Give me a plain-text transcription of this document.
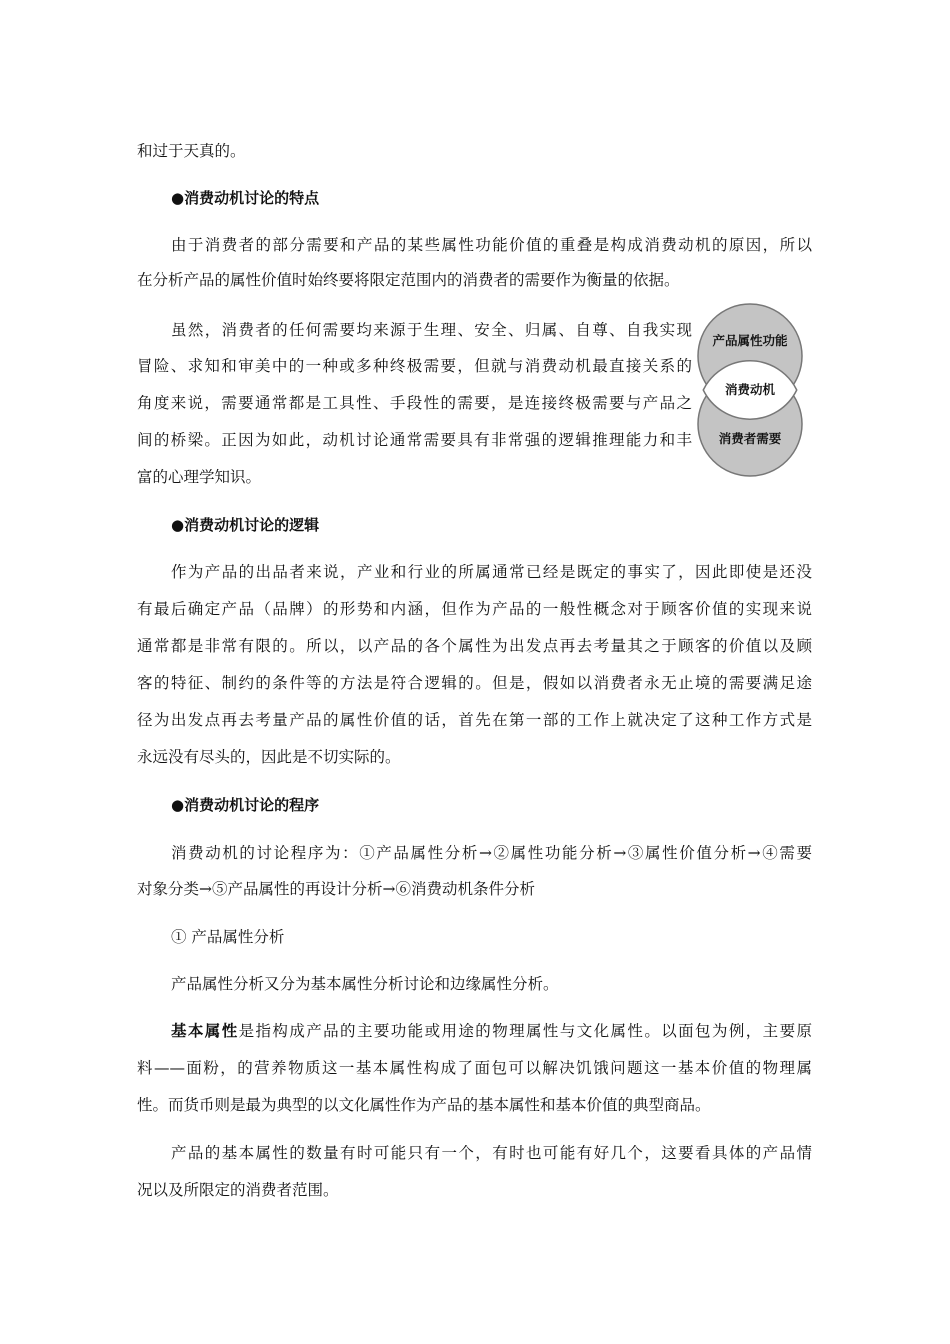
和过于天真的。
●消费动机讨论的特点
由于消费者的部分需要和产品的某些属性功能价值的重叠是构成消费动机的原因，所以
在分析产品的属性价值时始终要将限定范围内的消费者的需要作为衡量的依据。
虽然，消费者的任何需要均来源于生理、安全、归属、自尊、自我实现
冒险、求知和审美中的一种或多种终极需要，但就与消费动机最直接关系的
角度来说，需要通常都是工具性、手段性的需要，是连接终极需要与产品之
间的桥梁。正因为如此，动机讨论通常需要具有非常强的逻辑推理能力和丰
富的心理学知识。
产品属性功能
消费动机
消费者需要
●消费动机讨论的逻辑
作为产品的出品者来说，产业和行业的所属通常已经是既定的事实了，因此即使是还没
有最后确定产品（品牌）的形势和内涵，但作为产品的一般性概念对于顾客价值的实现来说
通常都是非常有限的。所以，以产品的各个属性为出发点再去考量其之于顾客的价值以及顾
客的特征、制约的条件等的方法是符合逻辑的。但是，假如以消费者永无止境的需要满足途
径为出发点再去考量产品的属性价值的话，首先在第一部的工作上就决定了这种工作方式是
永远没有尽头的，因此是不切实际的。
●消费动机讨论的程序
消费动机的讨论程序为：①产品属性分析→②属性功能分析→③属性价值分析→④需要
对象分类→⑤产品属性的再设计分析→⑥消费动机条件分析
① 产品属性分析
产品属性分析又分为基本属性分析讨论和边缘属性分析。
基本属性是指构成产品的主要功能或用途的物理属性与文化属性。以面包为例，主要原
料——面粉，的营养物质这一基本属性构成了面包可以解决饥饿问题这一基本价值的物理属
性。而货币则是最为典型的以文化属性作为产品的基本属性和基本价值的典型商品。
产品的基本属性的数量有时可能只有一个，有时也可能有好几个，这要看具体的产品情
况以及所限定的消费者范围。
